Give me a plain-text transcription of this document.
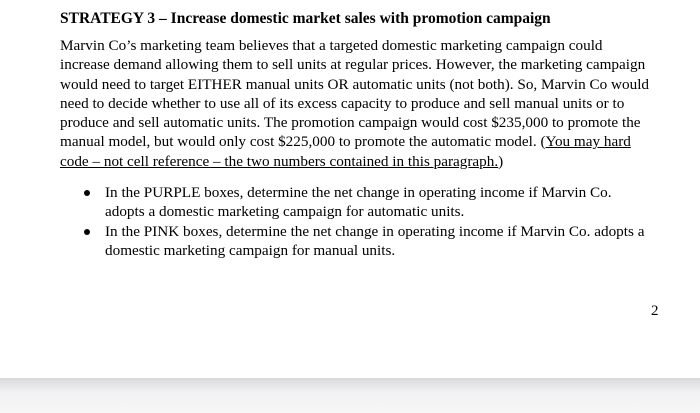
STRATEGY 3 – Increase domestic market sales with promotion campaign
Marvin Co’s marketing team believes that a targeted domestic marketing campaign could
increase demand allowing them to sell units at regular prices. However, the marketing campaign
would need to target EITHER manual units OR automatic units (not both). So, Marvin Co would
need to decide whether to use all of its excess capacity to produce and sell manual units or to
produce and sell automatic units. The promotion campaign would cost $235,000 to promote the
manual model, but would only cost $225,000 to promote the automatic model. (You may hard
code – not cell reference – the two numbers contained in this paragraph.)
In the PURPLE boxes, determine the net change in operating income if Marvin Co.
adopts a domestic marketing campaign for automatic units.
In the PINK boxes, determine the net change in operating income if Marvin Co. adopts a
domestic marketing campaign for manual units.
2
